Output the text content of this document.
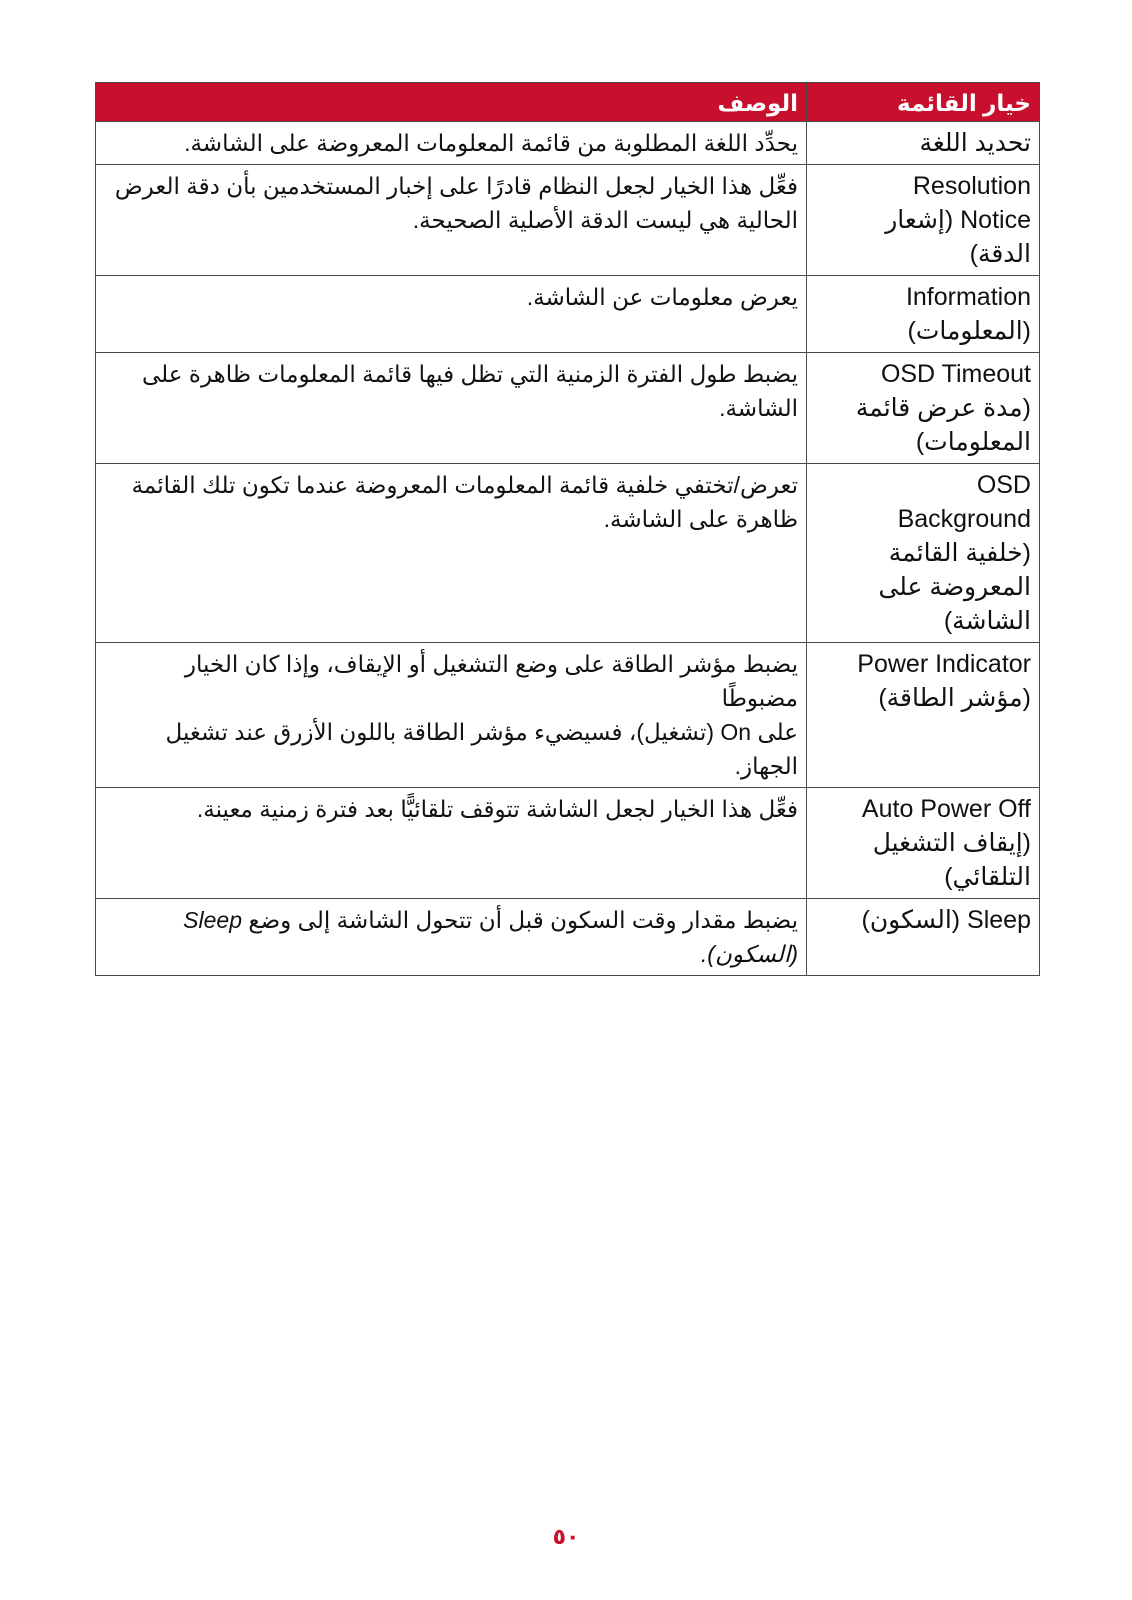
خيار القائمة	الوصف

تحديد اللغة	يحدِّد اللغة المطلوبة من قائمة المعلومات المعروضة على الشاشة.

Resolution
Notice (إشعار الدقة)	فعِّل هذا الخيار لجعل النظام قادرًا على إخبار المستخدمين بأن دقة العرض
الحالية هي ليست الدقة الأصلية الصحيحة.

Information
(المعلومات)	يعرض معلومات عن الشاشة.

OSD Timeout
(مدة عرض قائمة
المعلومات)	يضبط طول الفترة الزمنية التي تظل فيها قائمة المعلومات ظاهرة على
الشاشة.

OSD
Background
(خلفية القائمة
المعروضة على
الشاشة)	تعرض/تختفي خلفية قائمة المعلومات المعروضة عندما تكون تلك القائمة
ظاهرة على الشاشة.

Power Indicator
(مؤشر الطاقة)	يضبط مؤشر الطاقة على وضع التشغيل أو الإيقاف، وإذا كان الخيار مضبوطًا
على On (تشغيل)، فسيضيء مؤشر الطاقة باللون الأزرق عند تشغيل
الجهاز.

Auto Power Off
(إيقاف التشغيل التلقائي)	فعِّل هذا الخيار لجعل الشاشة تتوقف تلقائيًّا بعد فترة زمنية معينة.

Sleep (السكون)	يضبط مقدار وقت السكون قبل أن تتحول الشاشة إلى وضع Sleep
(السكون).
٥٠
